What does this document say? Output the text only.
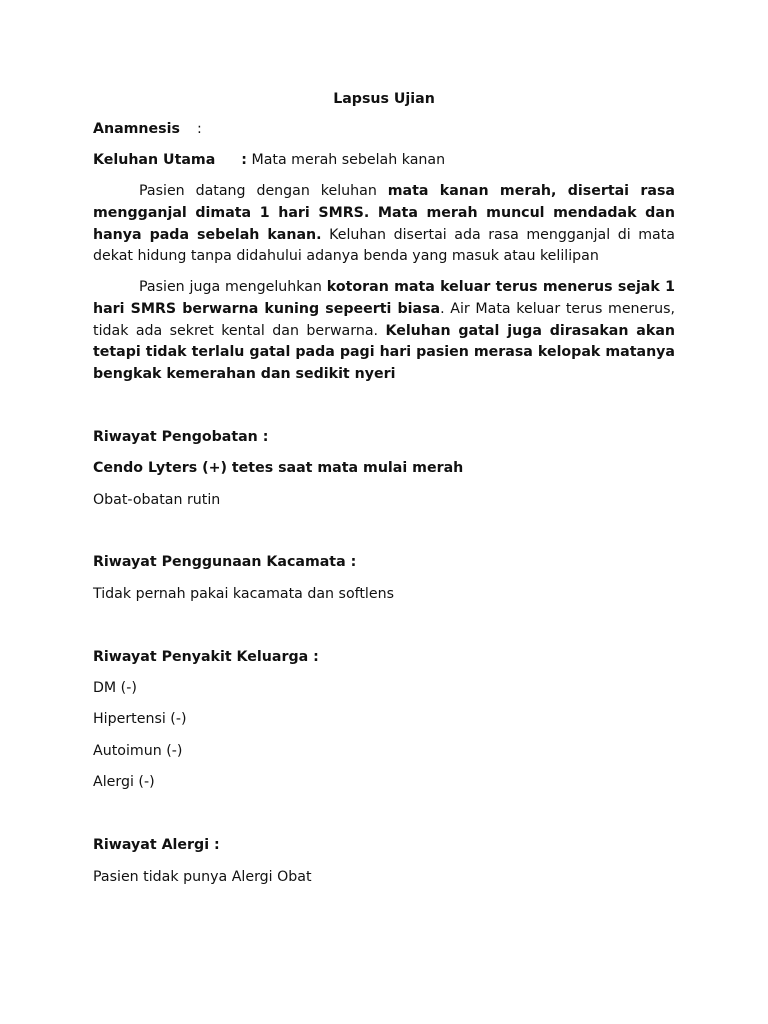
Lapsus Ujian
Anamnesis :
Keluhan Utama : Mata merah sebelah kanan

Pasien datang dengan keluhan mata kanan merah, disertai rasa mengganjal dimata 1 hari SMRS. Mata merah muncul mendadak dan hanya pada sebelah kanan. Keluhan disertai ada rasa mengganjal di mata dekat hidung tanpa didahului adanya benda yang masuk atau kelilipan

Pasien juga mengeluhkan kotoran mata keluar terus menerus sejak 1 hari SMRS berwarna kuning sepeerti biasa. Air Mata keluar terus menerus, tidak ada sekret kental dan berwarna. Keluhan gatal juga dirasakan akan tetapi tidak terlalu gatal pada pagi hari pasien merasa kelopak matanya bengkak kemerahan dan sedikit nyeri

Riwayat Pengobatan :
Cendo Lyters (+) tetes saat mata mulai merah
Obat-obatan rutin
Riwayat Penggunaan Kacamata :
Tidak pernah pakai kacamata dan softlens
Riwayat Penyakit Keluarga :
DM (-)
Hipertensi (-)
Autoimun (-)
Alergi (-)
Riwayat Alergi :
Pasien tidak punya Alergi Obat
